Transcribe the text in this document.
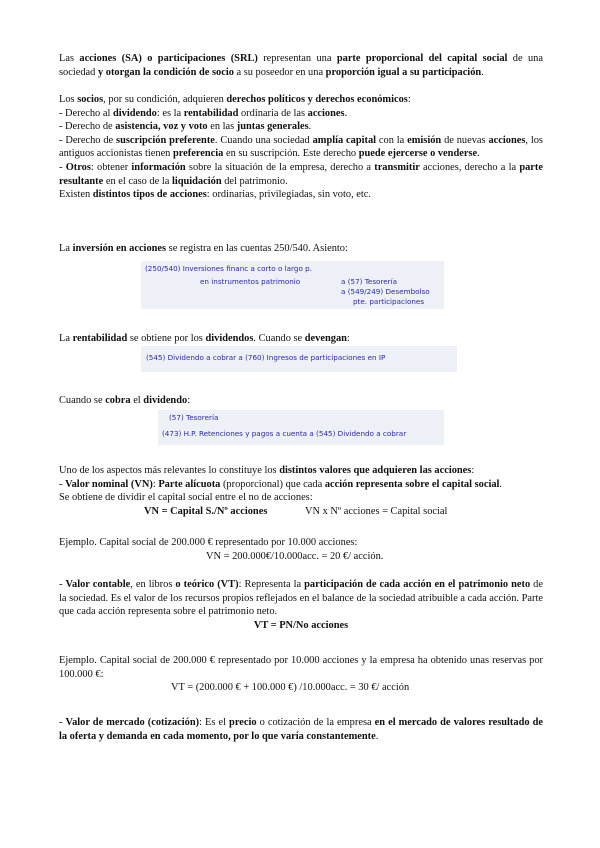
Las acciones (SA) o participaciones (SRL) representan una parte proporcional del capital social de una sociedad y otorgan la condición de socio a su poseedor en una proporción igual a su participación.

Los socios, por su condición, adquieren derechos políticos y derechos económicos:
- Derecho al dividendo: es la rentabilidad ordinaria de las acciones.
- Derecho de asistencia, voz y voto en las juntas generales.
- Derecho de suscripción preferente. Cuando una sociedad amplía capital con la emisión de nuevas acciones, los antiguos accionistas tienen preferencia en su suscripción. Este derecho puede ejercerse o venderse.
- Otros: obtener información sobre la situación de la empresa, derecho a transmitir acciones, derecho a la parte resultante en el caso de la liquidación del patrimonio.
Existen distintos tipos de acciones: ordinarias, privilegiadas, sin voto, etc.

La inversión en acciones se registra en las cuentas 250/540. Asiento:

(250/540) Inversiones financ a corto o largo p.
en instrumentos patrimonio	a (57) Tesorería
a (549/249) Desembolso
pte. participaciones

La rentabilidad se obtiene por los dividendos. Cuando se devengan:

(545) Dividendo a cobrar a (760) Ingresos de participaciones en IP

Cuando se cobra el dividendo:

(57) Tesorería
(473) H.P. Retenciones y pagos a cuenta a (545) Dividendo a cobrar
Uno de los aspectos más relevantes lo constituye los distintos valores que adquieren las acciones:
- Valor nominal (VN): Parte alícuota (proporcional) que cada acción representa sobre el capital social.
Se obtiene de dividir el capital social entre el no de acciones:
VN = Capital S./Nº acciones	VN x Nº acciones = Capital social
Ejemplo. Capital social de 200.000 € representado por 10.000 acciones:
VN = 200.000€/10.000acc. = 20 €/ acción.
- Valor contable, en libros o teórico (VT): Representa la participación de cada acción en el patrimonio neto de la sociedad. Es el valor de los recursos propios reflejados en el balance de la sociedad atribuible a cada acción. Parte que cada acción representa sobre el patrimonio neto.
VT = PN/No acciones
Ejemplo. Capital social de 200.000 € representado por 10.000 acciones y la empresa ha obtenido unas reservas por 100.000 €:
VT = (200.000 € + 100.000 €) /10.000acc. = 30 €/ acción

- Valor de mercado (cotización): Es el precio o cotización de la empresa en el mercado de valores resultado de la oferta y demanda en cada momento, por lo que varía constantemente.
